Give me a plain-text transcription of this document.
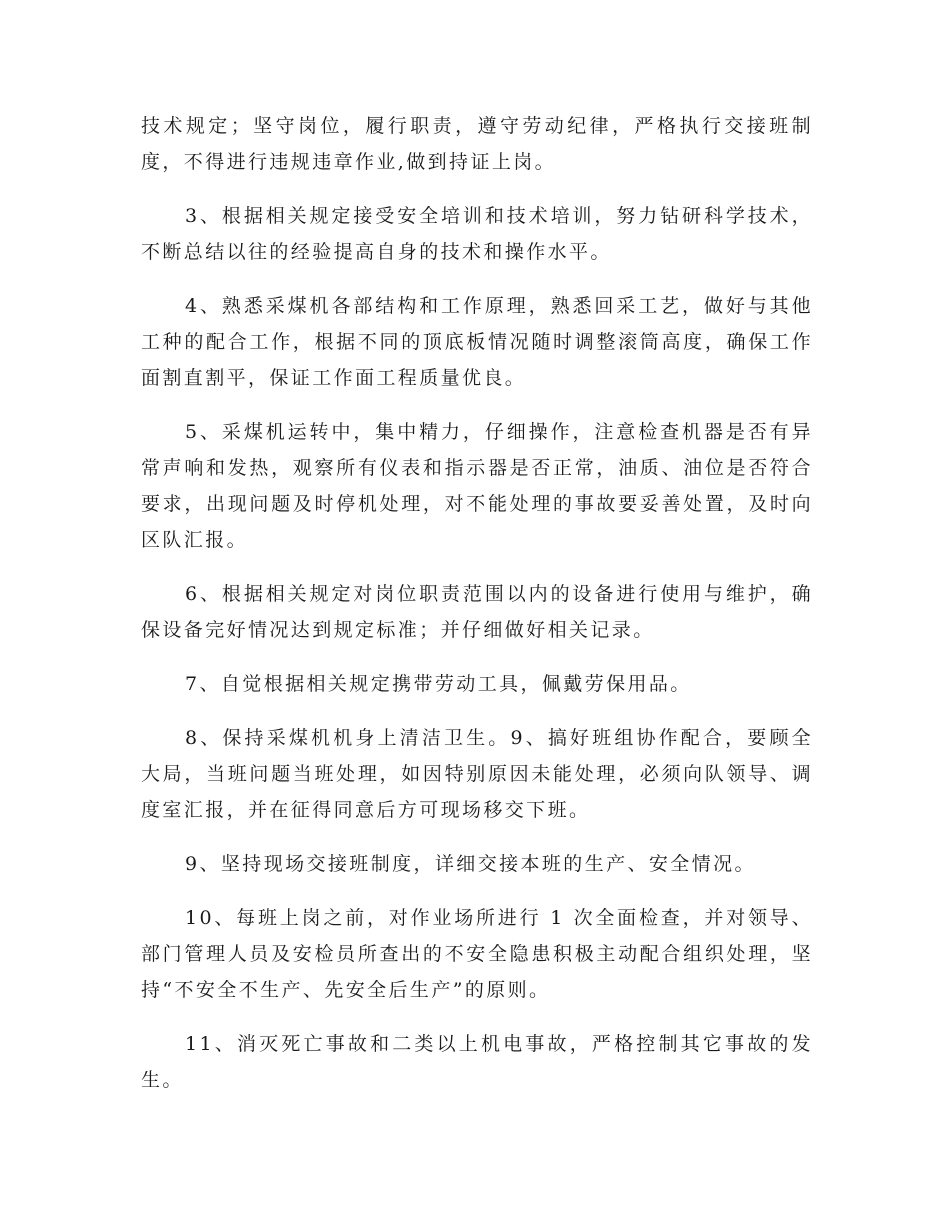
技术规定；坚守岗位，履行职责，遵守劳动纪律，严格执行交接班制度，不得进行违规违章作业,做到持证上岗。

3、根据相关规定接受安全培训和技术培训，努力钻研科学技术，不断总结以往的经验提高自身的技术和操作水平。

4、熟悉采煤机各部结构和工作原理，熟悉回采工艺，做好与其他工种的配合工作，根据不同的顶底板情况随时调整滚筒高度，确保工作面割直割平，保证工作面工程质量优良。

5、采煤机运转中，集中精力，仔细操作，注意检查机器是否有异常声响和发热，观察所有仪表和指示器是否正常，油质、油位是否符合要求，出现问题及时停机处理，对不能处理的事故要妥善处置，及时向区队汇报。

6、根据相关规定对岗位职责范围以内的设备进行使用与维护，确保设备完好情况达到规定标准；并仔细做好相关记录。

7、自觉根据相关规定携带劳动工具，佩戴劳保用品。

8、保持采煤机机身上清洁卫生。9、搞好班组协作配合，要顾全大局，当班问题当班处理，如因特别原因未能处理，必须向队领导、调度室汇报，并在征得同意后方可现场移交下班。

9、坚持现场交接班制度，详细交接本班的生产、安全情况。

10、每班上岗之前，对作业场所进行 1 次全面检查，并对领导、部门管理人员及安检员所查出的不安全隐患积极主动配合组织处理，坚持“不安全不生产、先安全后生产”的原则。

11、消灭死亡事故和二类以上机电事故，严格控制其它事故的发生。
